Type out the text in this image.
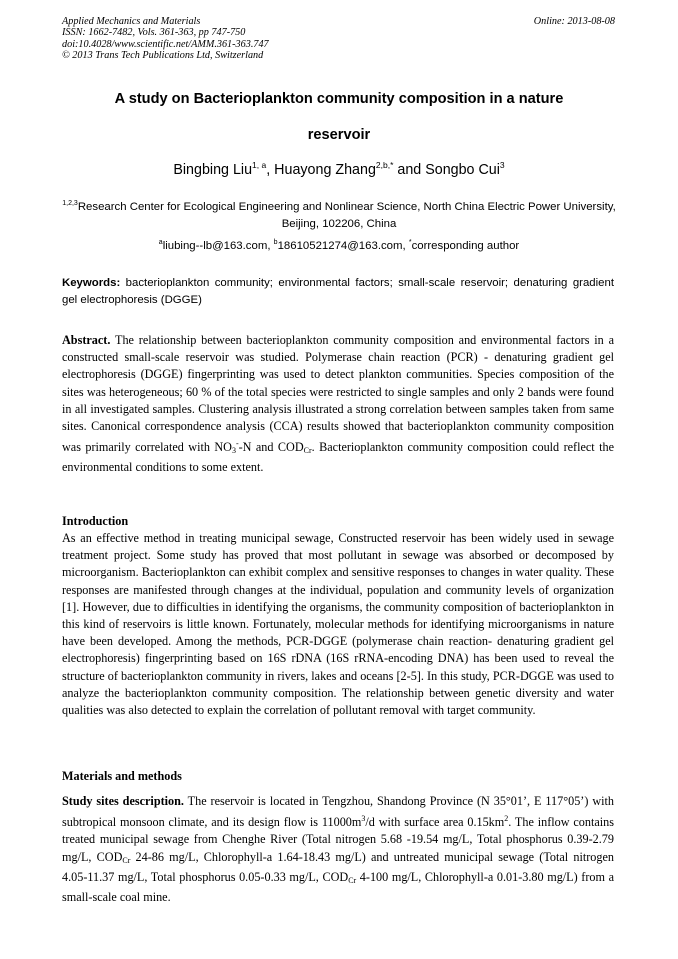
Applied Mechanics and Materials
ISSN: 1662-7482, Vols. 361-363, pp 747-750
doi:10.4028/www.scientific.net/AMM.361-363.747
© 2013 Trans Tech Publications Ltd, Switzerland
Online: 2013-08-08
A study on Bacterioplankton community composition in a nature
reservoir
Bingbing Liu$^{1, a}$, Huayong Zhang$^{2,b,*}$ and Songbo Cui$^3$
$^{1,2,3}$Research Center for Ecological Engineering and Nonlinear Science, North China Electric Power University, Beijing, 102206, China
$^a$liubing--lb@163.com, $^b$18610521274@163.com, *corresponding author
Keywords: bacterioplankton community; environmental factors; small-scale reservoir; denaturing gradient gel electrophoresis (DGGE)
Abstract. The relationship between bacterioplankton community composition and environmental factors in a constructed small-scale reservoir was studied. Polymerase chain reaction (PCR) - denaturing gradient gel electrophoresis (DGGE) fingerprinting was used to detect plankton communities. Species composition of the sites was heterogeneous; 60 % of the total species were restricted to single samples and only 2 bands were found in all investigated samples. Clustering analysis illustrated a strong correlation between samples taken from same sites. Canonical correspondence analysis (CCA) results showed that bacterioplankton community composition was primarily correlated with $NO_3^--N$ and $COD_{Cr}$. Bacterioplankton community composition could reflect the environmental conditions to some extent.
Introduction
As an effective method in treating municipal sewage, Constructed reservoir has been widely used in sewage treatment project. Some study has proved that most pollutant in sewage was absorbed or decomposed by microorganism. Bacterioplankton can exhibit complex and sensitive responses to changes in water quality. These responses are manifested through changes at the individual, population and community levels of organization [1]. However, due to difficulties in identifying the organisms, the community composition of bacterioplankton in this kind of reservoirs is little known. Fortunately, molecular methods for identifying microorganisms in nature have been developed. Among the methods, PCR-DGGE (polymerase chain reaction- denaturing gradient gel electrophoresis) fingerprinting based on 16S rDNA (16S rRNA-encoding DNA) has been used to reveal the structure of bacterioplankton community in rivers, lakes and oceans [2-5]. In this study, PCR-DGGE was used to analyze the bacterioplankton community composition. The relationship between genetic diversity and water qualities was also detected to explain the correlation of pollutant removal with target community.
Materials and methods
Study sites description. The reservoir is located in Tengzhou, Shandong Province (N 35°01’, E 117°05’) with subtropical monsoon climate, and its design flow is $11000m^3/d$ with surface area $0.15km^2$. The inflow contains treated municipal sewage from Chenghe River (Total nitrogen 5.68 -19.54 mg/L, Total phosphorus 0.39-2.79 mg/L, $COD_{Cr}$ 24-86 mg/L, Chlorophyll-a 1.64-18.43 mg/L) and untreated municipal sewage (Total nitrogen 4.05-11.37 mg/L, Total phosphorus 0.05-0.33 mg/L, $COD_{Cr}$ 4-100 mg/L, Chlorophyll-a 0.01-3.80 mg/L) from a small-scale coal mine.
